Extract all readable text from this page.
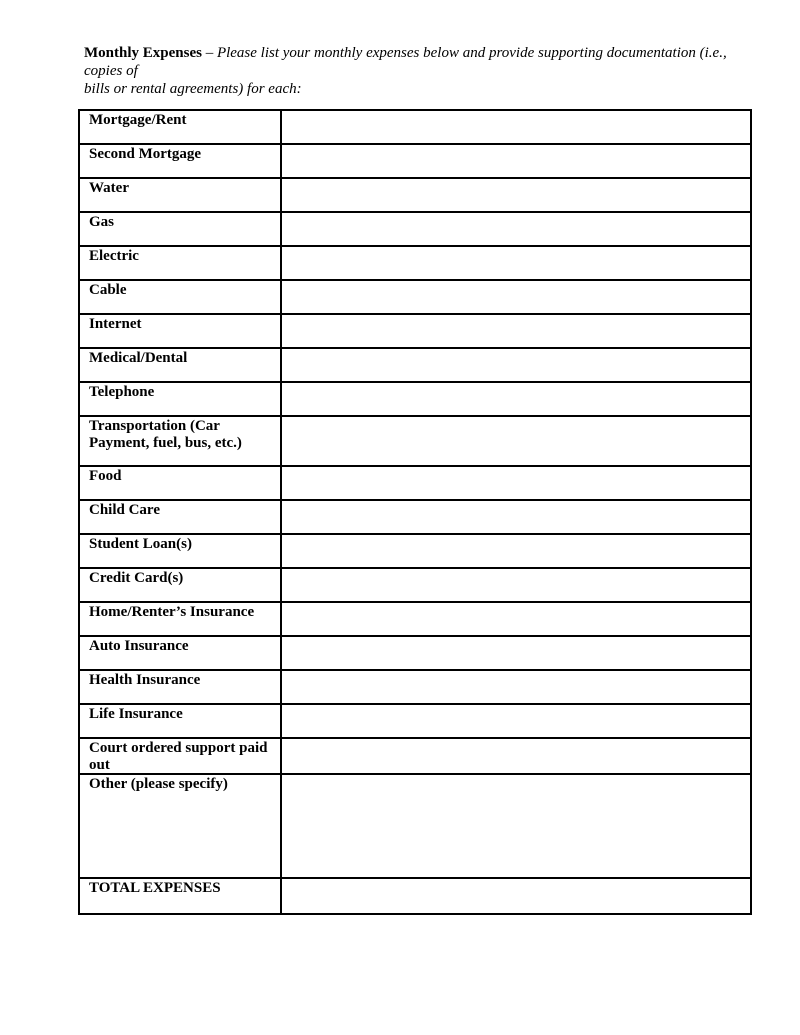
Monthly Expenses – Please list your monthly expenses below and provide supporting documentation (i.e., copies of
bills or rental agreements) for each:
Mortgage/Rent	
Second Mortgage	
Water	
Gas	
Electric	
Cable	
Internet	
Medical/Dental	
Telephone	
Transportation (Car Payment, fuel, bus, etc.)	
Food	
Child Care	
Student Loan(s)	
Credit Card(s)	
Home/Renter’s Insurance	
Auto Insurance	
Health Insurance	
Life Insurance	
Court ordered support paid out	
Other (please specify)	
TOTAL EXPENSES	
